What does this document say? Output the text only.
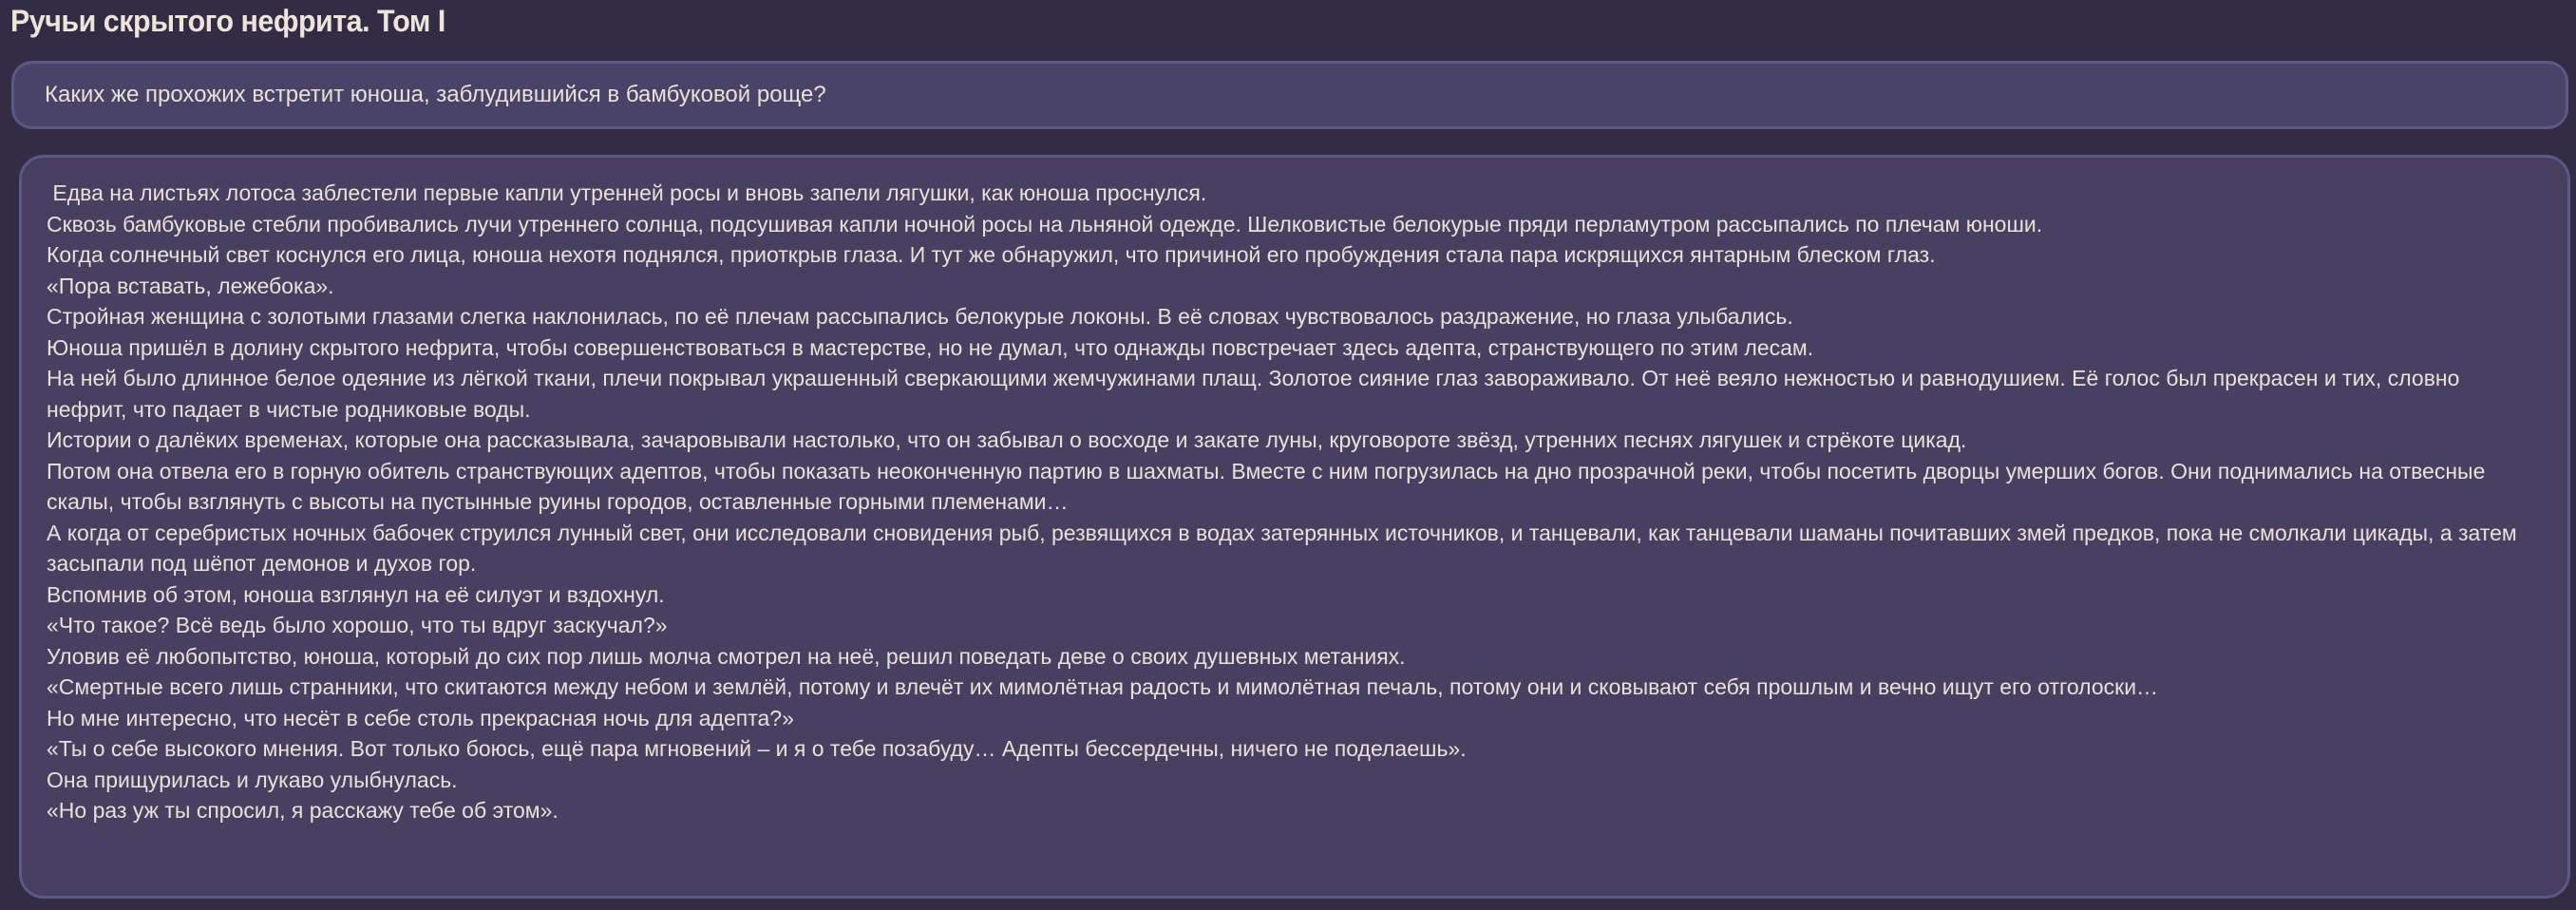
Ручьи скрытого нефрита. Том I

Каких же прохожих встретит юноша, заблудившийся в бамбуковой роще?

Едва на листьях лотоса заблестели первые капли утренней росы и вновь запели лягушки, как юноша проснулся.

Сквозь бамбуковые стебли пробивались лучи утреннего солнца, подсушивая капли ночной росы на льняной одежде. Шелковистые белокурые пряди перламутром рассыпались по плечам юноши.

Когда солнечный свет коснулся его лица, юноша нехотя поднялся, приоткрыв глаза. И тут же обнаружил, что причиной его пробуждения стала пара искрящихся янтарным блеском глаз.

«Пора вставать, лежебока».

Стройная женщина с золотыми глазами слегка наклонилась, по её плечам рассыпались белокурые локоны. В её словах чувствовалось раздражение, но глаза улыбались.

Юноша пришёл в долину скрытого нефрита, чтобы совершенствоваться в мастерстве, но не думал, что однажды повстречает здесь адепта, странствующего по этим лесам.

На ней было длинное белое одеяние из лёгкой ткани, плечи покрывал украшенный сверкающими жемчужинами плащ. Золотое сияние глаз завораживало. От неё веяло нежностью и равнодушием. Её голос был прекрасен и тих, словно нефрит, что падает в чистые родниковые воды.

Истории о далёких временах, которые она рассказывала, зачаровывали настолько, что он забывал о восходе и закате луны, круговороте звёзд, утренних песнях лягушек и стрёкоте цикад.

Потом она отвела его в горную обитель странствующих адептов, чтобы показать неоконченную партию в шахматы. Вместе с ним погрузилась на дно прозрачной реки, чтобы посетить дворцы умерших богов. Они поднимались на отвесные скалы, чтобы взглянуть с высоты на пустынные руины городов, оставленные горными племенами…

А когда от серебристых ночных бабочек струился лунный свет, они исследовали сновидения рыб, резвящихся в водах затерянных источников, и танцевали, как танцевали шаманы почитавших змей предков, пока не смолкали цикады, а затем засыпали под шёпот демонов и духов гор.

Вспомнив об этом, юноша взглянул на её силуэт и вздохнул.

«Что такое? Всё ведь было хорошо, что ты вдруг заскучал?»

Уловив её любопытство, юноша, который до сих пор лишь молча смотрел на неё, решил поведать деве о своих душевных метаниях.

«Смертные всего лишь странники, что скитаются между небом и землёй, потому и влечёт их мимолётная радость и мимолётная печаль, потому они и сковывают себя прошлым и вечно ищут его отголоски…

Но мне интересно, что несёт в себе столь прекрасная ночь для адепта?»

«Ты о себе высокого мнения. Вот только боюсь, ещё пара мгновений – и я о тебе позабуду… Адепты бессердечны, ничего не поделаешь».

Она прищурилась и лукаво улыбнулась.

«Но раз уж ты спросил, я расскажу тебе об этом».
